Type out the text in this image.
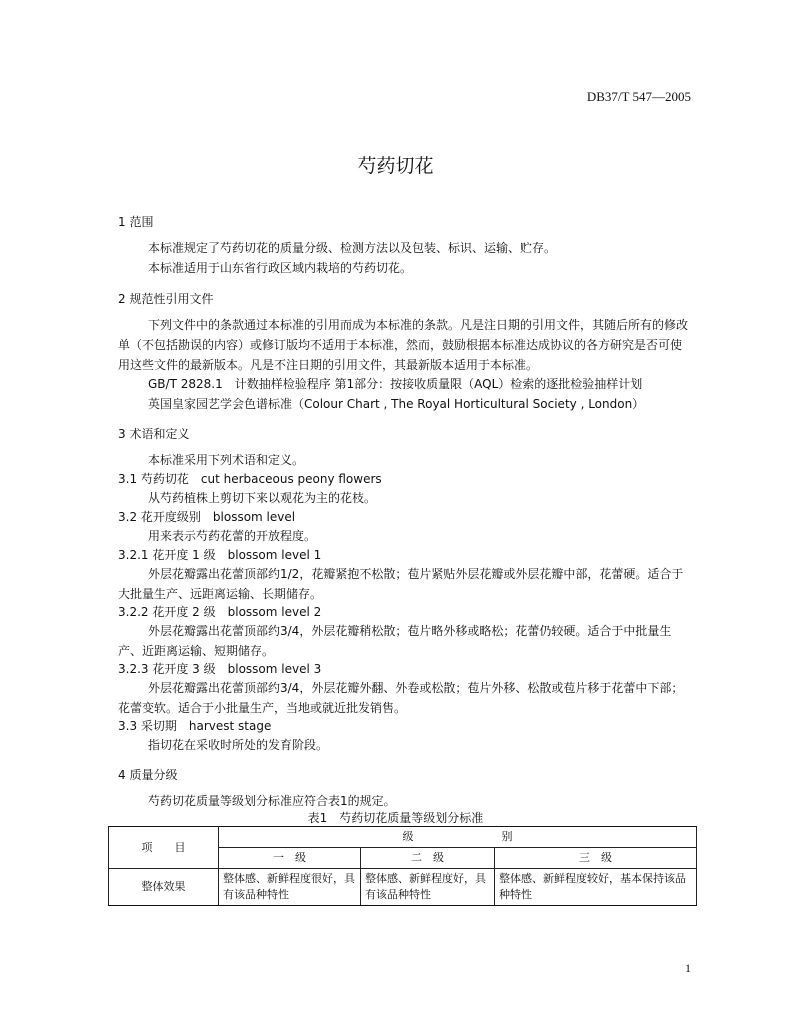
DB37/T 547—2005
芍药切花
1 范围
本标准规定了芍药切花的质量分级、检测方法以及包装、标识、运输、贮存。
本标准适用于山东省行政区域内栽培的芍药切花。
2 规范性引用文件
下列文件中的条款通过本标准的引用而成为本标准的条款。凡是注日期的引用文件，其随后所有的修改单（不包括勘误的内容）或修订版均不适用于本标准，然而，鼓励根据本标准达成协议的各方研究是否可使用这些文件的最新版本。凡是不注日期的引用文件，其最新版本适用于本标准。
GB/T 2828.1　计数抽样检验程序 第1部分：按接收质量限（AQL）检索的逐批检验抽样计划
英国皇家园艺学会色谱标准（Colour Chart , The Royal Horticultural Society , London）
3 术语和定义
本标准采用下列术语和定义。
3.1 芍药切花　cut herbaceous peony flowers
从芍药植株上剪切下来以观花为主的花枝。
3.2 花开度级别　blossom level
用来表示芍药花蕾的开放程度。
3.2.1 花开度 1 级　blossom level 1
外层花瓣露出花蕾顶部约1/2，花瓣紧抱不松散；苞片紧贴外层花瓣或外层花瓣中部，花蕾硬。适合于大批量生产、远距离运输、长期储存。
3.2.2 花开度 2 级　blossom level 2
外层花瓣露出花蕾顶部约3/4，外层花瓣稍松散；苞片略外移或略松；花蕾仍较硬。适合于中批量生产、近距离运输、短期储存。
3.2.3 花开度 3 级　blossom level 3
外层花瓣露出花蕾顶部约3/4，外层花瓣外翻、外卷或松散；苞片外移、松散或苞片移于花蕾中下部；花蕾变软。适合于小批量生产，当地或就近批发销售。
3.3 采切期　harvest stage
指切花在采收时所处的发育阶段。
4 质量分级
芍药切花质量等级划分标准应符合表1的规定。
表1　芍药切花质量等级划分标准
项　　目	级　　　　　　　　别		
	一　级	二　级	三　级
整体效果	整体感、新鲜程度很好，具有该品种特性	整体感、新鲜程度好，具有该品种特性	整体感、新鲜程度较好，基本保持该品种特性
1
